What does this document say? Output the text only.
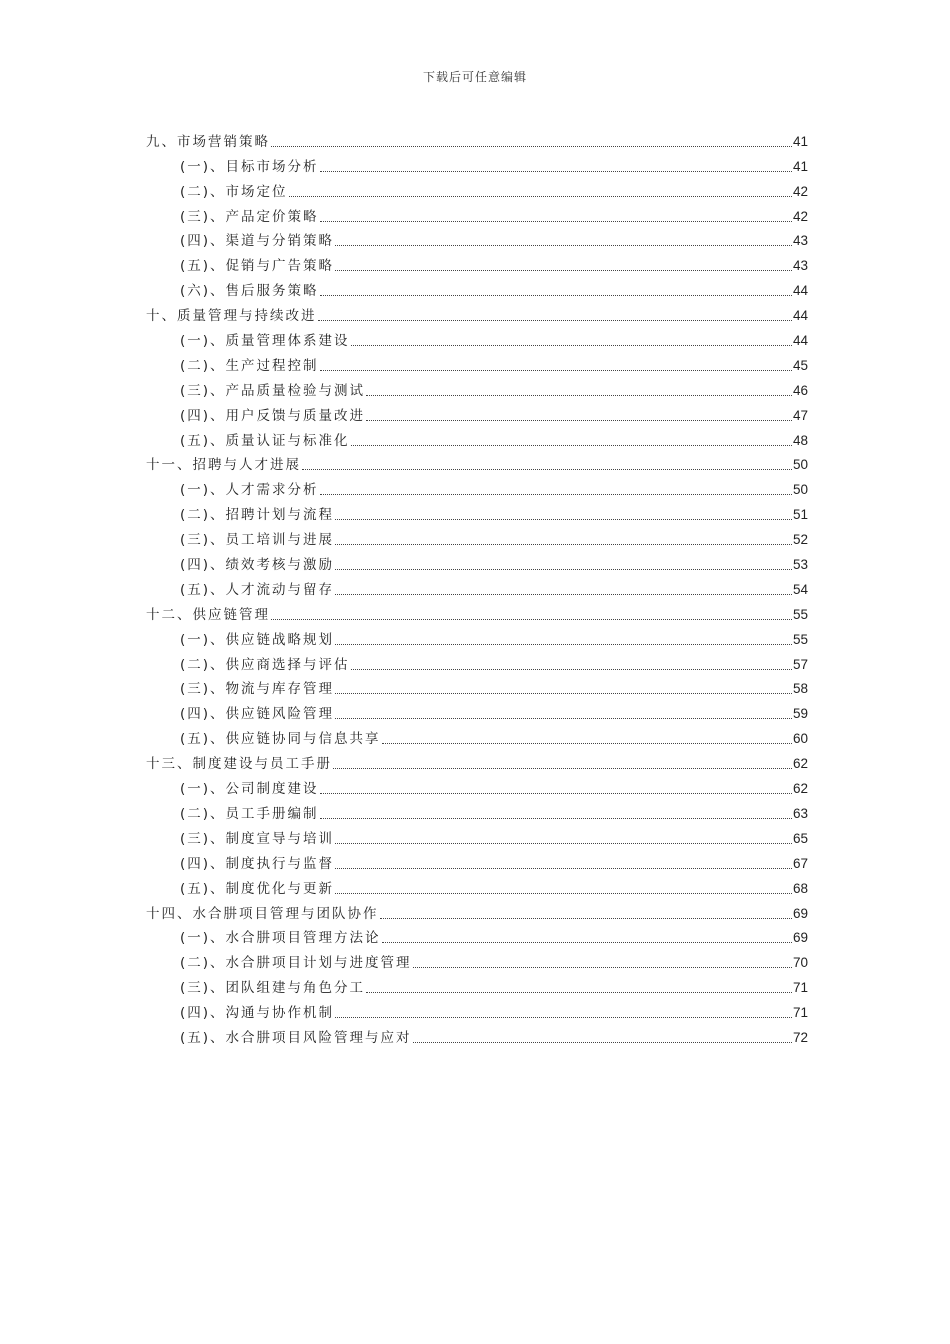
下载后可任意编辑
九、市场营销策略	41
(一)、目标市场分析	41
(二)、市场定位	42
(三)、产品定价策略	42
(四)、渠道与分销策略	43
(五)、促销与广告策略	43
(六)、售后服务策略	44
十、质量管理与持续改进	44
(一)、质量管理体系建设	44
(二)、生产过程控制	45
(三)、产品质量检验与测试	46
(四)、用户反馈与质量改进	47
(五)、质量认证与标准化	48
十一、招聘与人才进展	50
(一)、人才需求分析	50
(二)、招聘计划与流程	51
(三)、员工培训与进展	52
(四)、绩效考核与激励	53
(五)、人才流动与留存	54
十二、供应链管理	55
(一)、供应链战略规划	55
(二)、供应商选择与评估	57
(三)、物流与库存管理	58
(四)、供应链风险管理	59
(五)、供应链协同与信息共享	60
十三、制度建设与员工手册	62
(一)、公司制度建设	62
(二)、员工手册编制	63
(三)、制度宣导与培训	65
(四)、制度执行与监督	67
(五)、制度优化与更新	68
十四、水合肼项目管理与团队协作	69
(一)、水合肼项目管理方法论	69
(二)、水合肼项目计划与进度管理	70
(三)、团队组建与角色分工	71
(四)、沟通与协作机制	71
(五)、水合肼项目风险管理与应对	72
